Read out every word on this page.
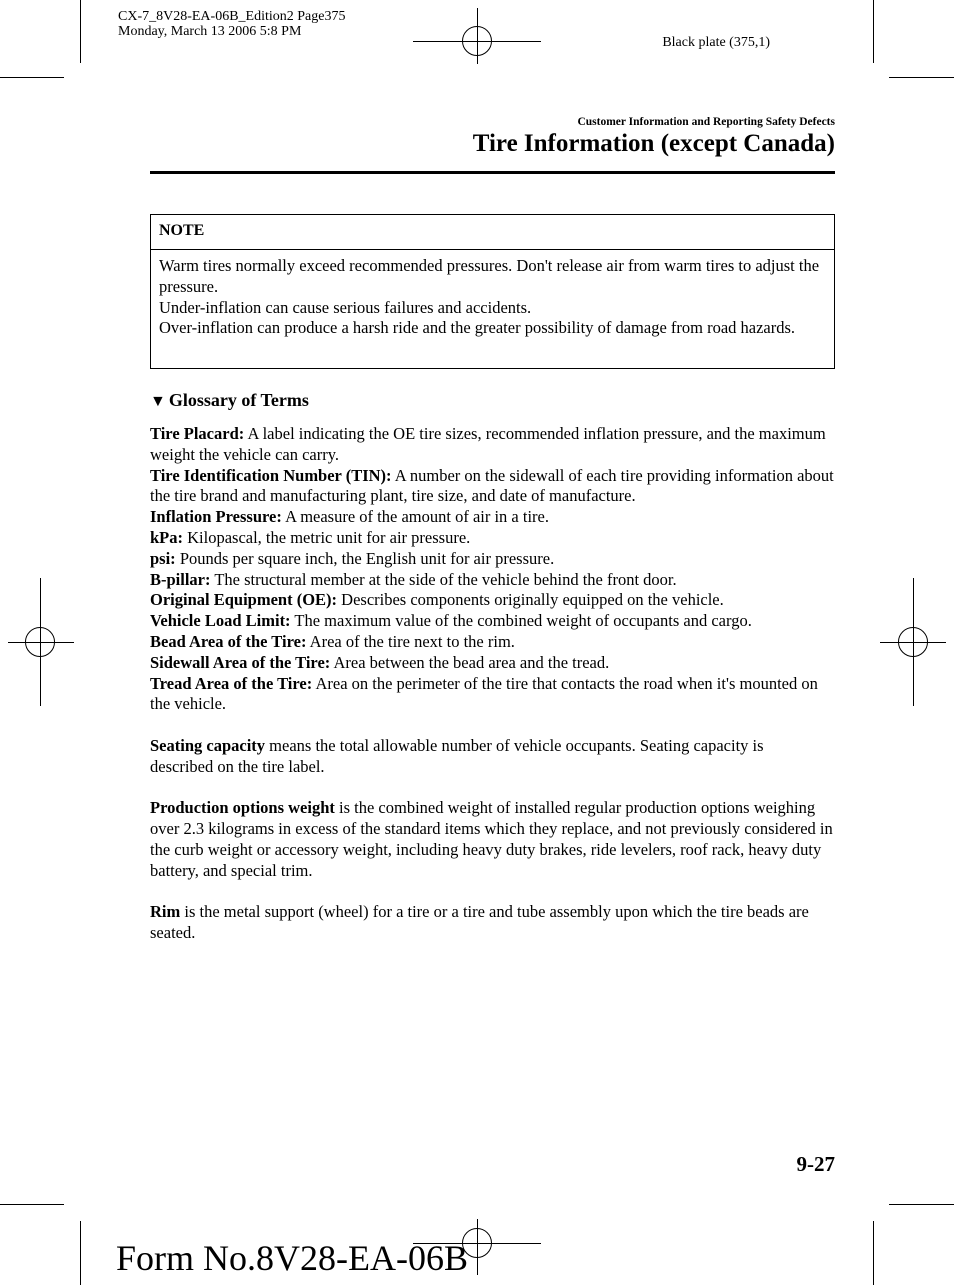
CX-7_8V28-EA-06B_Edition2 Page375
Monday, March 13 2006 5:8 PM
Black plate (375,1)
Customer Information and Reporting Safety Defects
Tire Information (except Canada)
NOTE

Warm tires normally exceed recommended pressures. Don't release air from warm tires to adjust the pressure.

Under-inflation can cause serious failures and accidents.

Over-inflation can produce a harsh ride and the greater possibility of damage from road hazards.

▼ Glossary of Terms

Tire Placard: A label indicating the OE tire sizes, recommended inflation pressure, and the maximum weight the vehicle can carry.

Tire Identification Number (TIN): A number on the sidewall of each tire providing information about the tire brand and manufacturing plant, tire size, and date of manufacture.

Inflation Pressure: A measure of the amount of air in a tire.

kPa: Kilopascal, the metric unit for air pressure.

psi: Pounds per square inch, the English unit for air pressure.

B-pillar: The structural member at the side of the vehicle behind the front door.

Original Equipment (OE): Describes components originally equipped on the vehicle.

Vehicle Load Limit: The maximum value of the combined weight of occupants and cargo.

Bead Area of the Tire: Area of the tire next to the rim.

Sidewall Area of the Tire: Area between the bead area and the tread.

Tread Area of the Tire: Area on the perimeter of the tire that contacts the road when it's mounted on the vehicle.

Seating capacity means the total allowable number of vehicle occupants. Seating capacity is described on the tire label.

Production options weight is the combined weight of installed regular production options weighing over 2.3 kilograms in excess of the standard items which they replace, and not previously considered in the curb weight or accessory weight, including heavy duty brakes, ride levelers, roof rack, heavy duty battery, and special trim.

Rim is the metal support (wheel) for a tire or a tire and tube assembly upon which the tire beads are seated.

9-27
Form No.8V28-EA-06B
